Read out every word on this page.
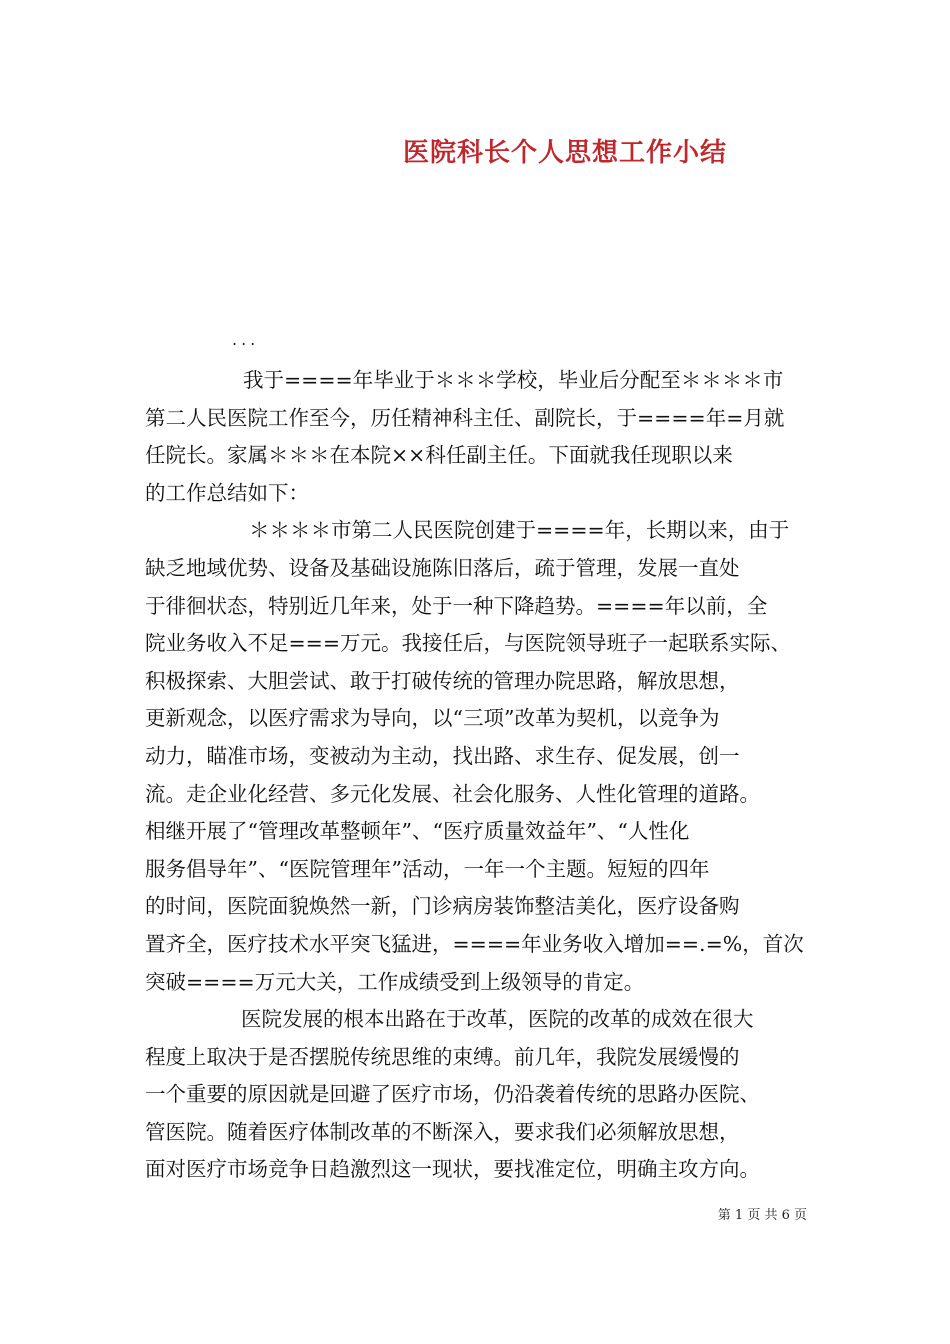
医院科长个人思想工作小结
...
我于====年毕业于＊＊＊学校，毕业后分配至＊＊＊＊市
第二人民医院工作至今，历任精神科主任、副院长，于====年=月就
任院长。家属＊＊＊在本院××科任副主任。下面就我任现职以来
的工作总结如下：
＊＊＊＊市第二人民医院创建于====年，长期以来，由于
缺乏地域优势、设备及基础设施陈旧落后，疏于管理，发展一直处
于徘徊状态，特别近几年来，处于一种下降趋势。====年以前，全
院业务收入不足===万元。我接任后，与医院领导班子一起联系实际、
积极探索、大胆尝试、敢于打破传统的管理办院思路，解放思想，
更新观念，以医疗需求为导向，以“三项”改革为契机，以竞争为
动力，瞄准市场，变被动为主动，找出路、求生存、促发展，创一
流。走企业化经营、多元化发展、社会化服务、人性化管理的道路。
相继开展了“管理改革整顿年”、“医疗质量效益年”、“人性化
服务倡导年”、“医院管理年”活动，一年一个主题。短短的四年
的时间，医院面貌焕然一新，门诊病房装饰整洁美化，医疗设备购
置齐全，医疗技术水平突飞猛进，====年业务收入增加==.=%，首次
突破====万元大关，工作成绩受到上级领导的肯定。
医院发展的根本出路在于改革，医院的改革的成效在很大
程度上取决于是否摆脱传统思维的束缚。前几年，我院发展缓慢的
一个重要的原因就是回避了医疗市场，仍沿袭着传统的思路办医院、
管医院。随着医疗体制改革的不断深入，要求我们必须解放思想，
面对医疗市场竞争日趋激烈这一现状，要找准定位，明确主攻方向。
第 1 页 共 6 页
